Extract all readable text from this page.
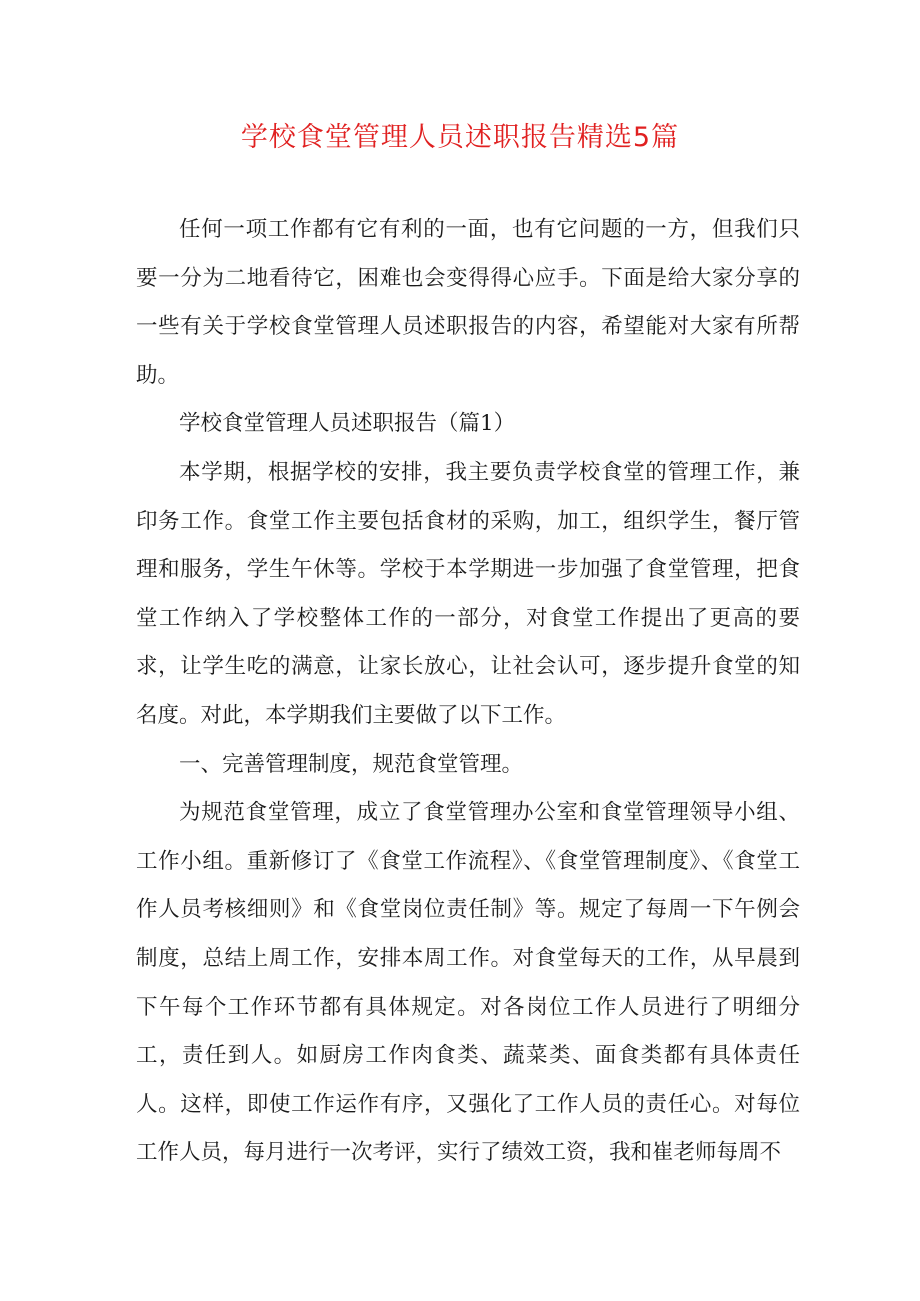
学校食堂管理人员述职报告精选5篇

任何一项工作都有它有利的一面，也有它问题的一方，但我们只要一分为二地看待它，困难也会变得得心应手。下面是给大家分享的一些有关于学校食堂管理人员述职报告的内容，希望能对大家有所帮助。

学校食堂管理人员述职报告（篇1）

本学期，根据学校的安排，我主要负责学校食堂的管理工作，兼印务工作。食堂工作主要包括食材的采购，加工，组织学生，餐厅管理和服务，学生午休等。学校于本学期进一步加强了食堂管理，把食堂工作纳入了学校整体工作的一部分，对食堂工作提出了更高的要求，让学生吃的满意，让家长放心，让社会认可，逐步提升食堂的知名度。对此，本学期我们主要做了以下工作。

一、完善管理制度，规范食堂管理。

为规范食堂管理，成立了食堂管理办公室和食堂管理领导小组、工作小组。重新修订了《食堂工作流程》、《食堂管理制度》、《食堂工作人员考核细则》和《食堂岗位责任制》等。规定了每周一下午例会制度，总结上周工作，安排本周工作。对食堂每天的工作，从早晨到下午每个工作环节都有具体规定。对各岗位工作人员进行了明细分工，责任到人。如厨房工作肉食类、蔬菜类、面食类都有具体责任人。这样，即使工作运作有序，又强化了工作人员的责任心。对每位工作人员，每月进行一次考评，实行了绩效工资，我和崔老师每周不
